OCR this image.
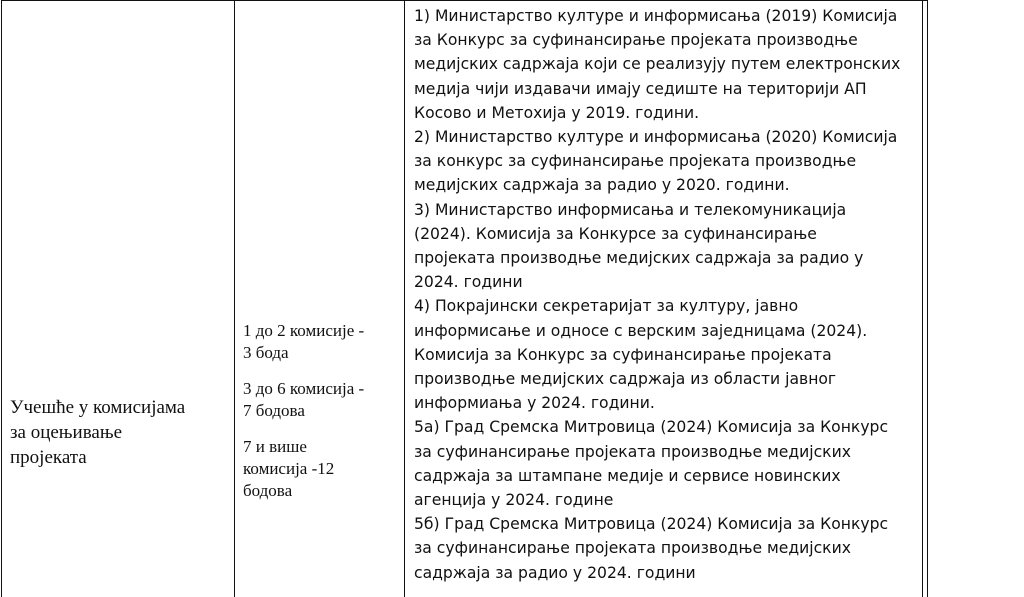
Учешће у комисијама
за оцењивање
пројеката
1 до 2 комисије -
3 бода
3 до 6 комисија -
7 бодова
7 и више
комисија -12
бодова
1) Министарство културе и информисања (2019) Комисија
за Конкурс за суфинансирање пројеката производње
медијских садржаја који се реализују путем електронских
медија чији издавачи имају седиште на територији АП
Косово и Метохија у 2019. години.
2) Министарство културе и информисања (2020) Комисија
за конкурс за суфинансирање пројеката производње
медијских садржаја за радио у 2020. години.
3) Министарство информисања и телекомуникација
(2024). Комисија за Конкурсе за суфинансирање
пројеката производње медијских садржаја за радио у
2024. години
4) Покрајински секретаријат за културу, јавно
информисање и односе с верским заједницама (2024).
Комисија за Конкурс за суфинансирање пројеката
производње медијских садржаја из области јавног
информиања у 2024. години.
5а) Град Сремска Митровица (2024) Комисија за Конкурс
за суфинансирање пројеката производње медијских
садржаја за штампане медије и сервисе новинских
агенција у 2024. године
5б) Град Сремска Митровица (2024) Комисија за Конкурс
за суфинансирање пројеката производње медијских
садржаја за радио у 2024. години
